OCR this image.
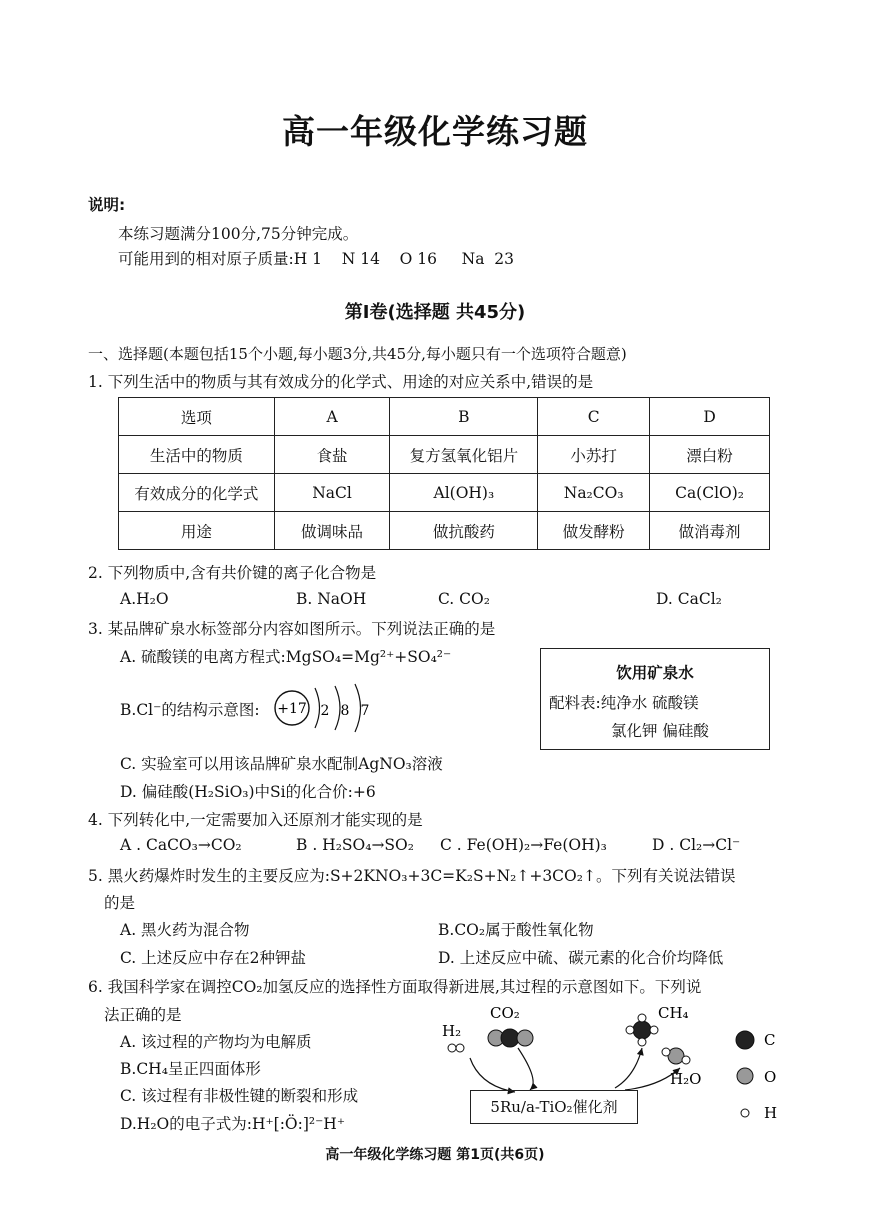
高一年级化学练习题
说明:
本练习题满分100分,75分钟完成。
可能用到的相对原子质量:H 1    N 14    O 16     Na  23
第Ⅰ卷(选择题 共45分)
一、选择题(本题包括15个小题,每小题3分,共45分,每小题只有一个选项符合题意)
1. 下列生活中的物质与其有效成分的化学式、用途的对应关系中,错误的是
选项	A	B	C	D
生活中的物质	食盐	复方氢氧化铝片	小苏打	漂白粉
有效成分的化学式	NaCl	Al(OH)₃	Na₂CO₃	Ca(ClO)₂
用途	做调味品	做抗酸药	做发酵粉	做消毒剂
2. 下列物质中,含有共价键的离子化合物是
A.H₂O	B. NaOH	C. CO₂	D. CaCl₂
3. 某品牌矿泉水标签部分内容如图所示。下列说法正确的是
A. 硫酸镁的电离方程式:MgSO₄=Mg²⁺+SO₄²⁻
B.Cl⁻的结构示意图: +17 2 8 7
C. 实验室可以用该品牌矿泉水配制AgNO₃溶液
D. 偏硅酸(H₂SiO₃)中Si的化合价:+6
饮用矿泉水
配料表:纯净水 硫酸镁
氯化钾 偏硅酸
4. 下列转化中,一定需要加入还原剂才能实现的是
A . CaCO₃→CO₂	B . H₂SO₄→SO₂ C . Fe(OH)₂→Fe(OH)₃	D . Cl₂→Cl⁻
5. 黑火药爆炸时发生的主要反应为:S+2KNO₃+3C=K₂S+N₂↑+3CO₂↑。下列有关说法错误
的是
A. 黑火药为混合物	B.CO₂属于酸性氧化物
C. 上述反应中存在2种钾盐	D. 上述反应中硫、碳元素的化合价均降低
6. 我国科学家在调控CO₂加氢反应的选择性方面取得新进展,其过程的示意图如下。下列说
法正确的是
A. 该过程的产物均为电解质
B.CH₄呈正四面体形
C. 该过程有非极性键的断裂和形成
D.H₂O的电子式为:H⁺[:Ö:]²⁻H⁺
H₂
CO₂	CH₄
H₂O
C
O
H
5Ru/a-TiO₂催化剂
高一年级化学练习题 第1页(共6页)
